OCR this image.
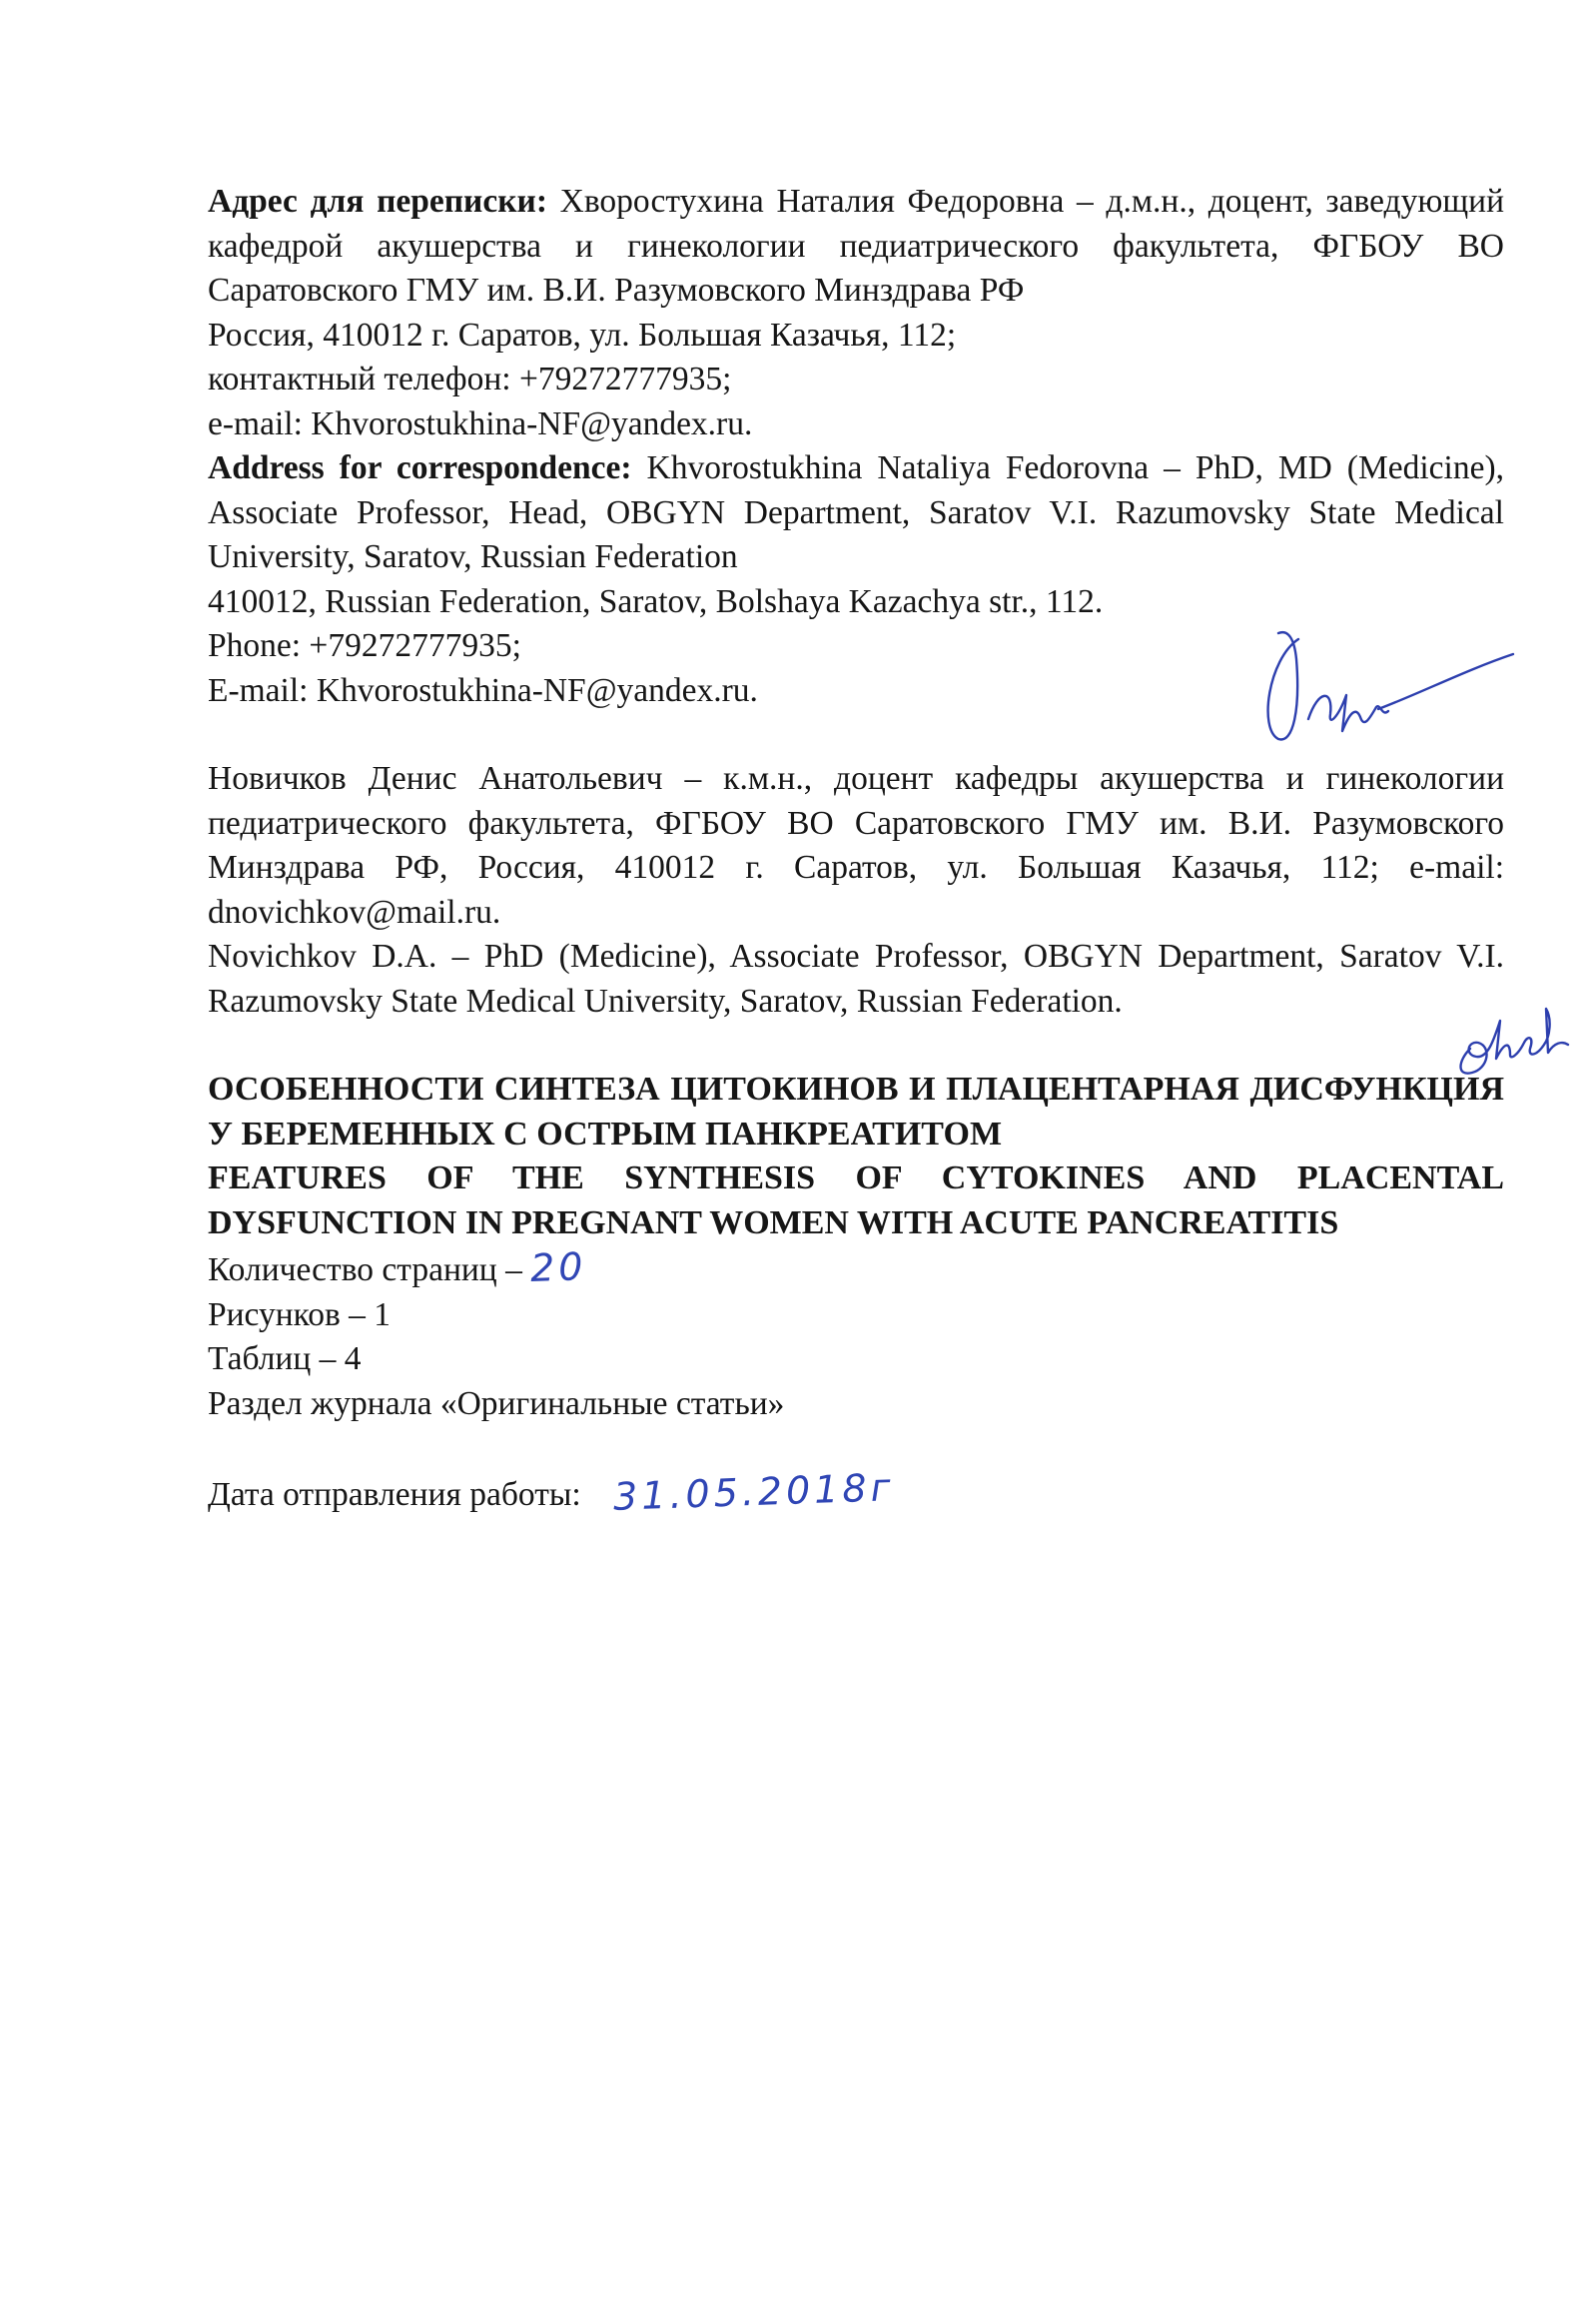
Адрес для переписки: Хворостухина Наталия Федоровна – д.м.н., доцент, заведующий кафедрой акушерства и гинекологии педиатрического факультета, ФГБОУ ВО Саратовского ГМУ им. В.И. Разумовского Минздрава РФ

Россия, 410012 г. Саратов, ул. Большая Казачья, 112;

контактный телефон: +79272777935;

e-mail: Khvorostukhina-NF@yandex.ru.

Address for correspondence: Khvorostukhina Nataliya Fedorovna – PhD, MD (Medicine), Associate Professor, Head, OBGYN Department, Saratov V.I. Razumovsky State Medical University, Saratov, Russian Federation

410012, Russian Federation, Saratov, Bolshaya Kazachya str., 112.

Phone: +79272777935;

E-mail: Khvorostukhina-NF@yandex.ru.

Новичков Денис Анатольевич – к.м.н., доцент кафедры акушерства и гинекологии педиатрического факультета, ФГБОУ ВО Саратовского ГМУ им. В.И. Разумовского Минздрава РФ, Россия, 410012 г. Саратов, ул. Большая Казачья, 112; e-mail: dnovichkov@mail.ru.

Novichkov D.A. – PhD (Medicine), Associate Professor, OBGYN Department, Saratov V.I. Razumovsky State Medical University, Saratov, Russian Federation.

ОСОБЕННОСТИ СИНТЕЗА ЦИТОКИНОВ И ПЛАЦЕНТАРНАЯ ДИСФУНКЦИЯ У БЕРЕМЕННЫХ С ОСТРЫМ ПАНКРЕАТИТОМ

FEATURES OF THE SYNTHESIS OF CYTOKINES AND PLACENTAL DYSFUNCTION IN PREGNANT WOMEN WITH ACUTE PANCREATITIS

Количество страниц – 20

Рисунков – 1

Таблиц – 4

Раздел журнала «Оригинальные статьи»

Дата отправления работы: 31.05.2018г
